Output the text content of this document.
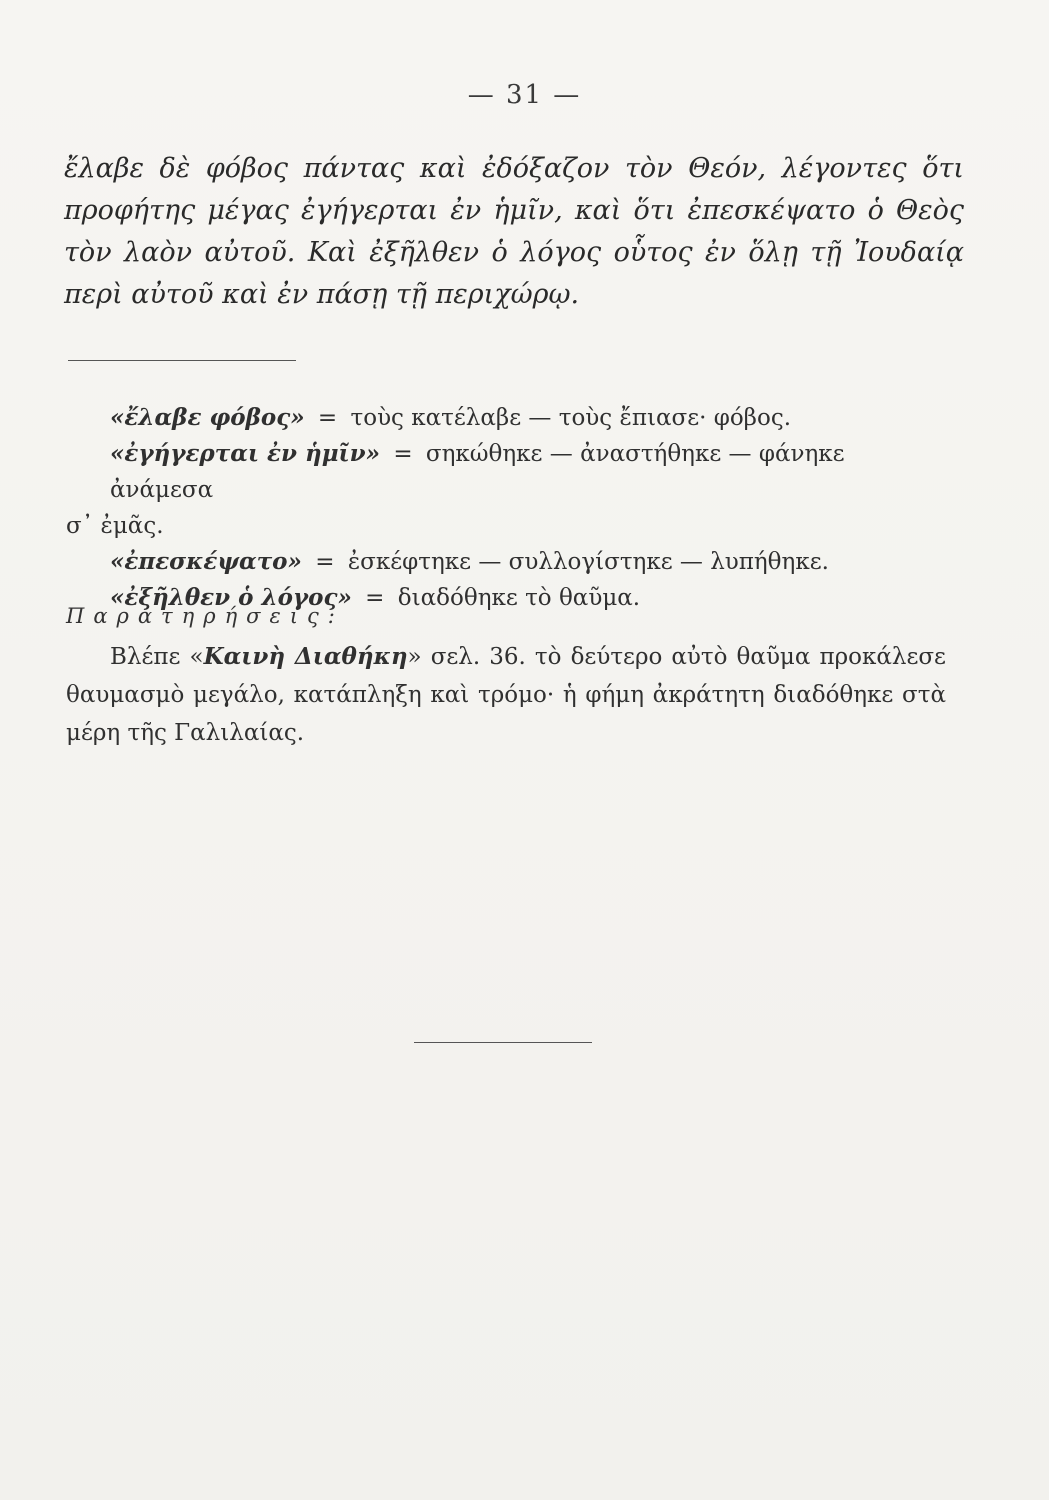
— 31 —

ἔλαβε δὲ φόβος πάντας καὶ ἐδόξαζον τὸν Θεόν, λέγοντες ὅτι προφήτης μέγας ἐγήγερται ἐν ἡμῖν, καὶ ὅτι ἐπεσκέψατο ὁ Θεὸς τὸν λαὸν αὐτοῦ. Καὶ ἐξῆλθεν ὁ λόγος οὗτος ἐν ὅλῃ τῇ Ἰουδαίᾳ περὶ αὐτοῦ καὶ ἐν πάσῃ τῇ περιχώρῳ.

«ἔλαβε φόβος» = τοὺς κατέλαβε — τοὺς ἔπιασε· φόβος.

«ἐγήγερται ἐν ἡμῖν» = σηκώθηκε — ἀναστήθηκε — φάνηκε ἀνάμεσα

σ᾽ ἐμᾶς.

«ἐπεσκέψατο» = ἐσκέφτηκε — συλλογίστηκε — λυπήθηκε.

«ἐξῆλθεν ὁ λόγος» = διαδόθηκε τὸ θαῦμα.

Παρατηρήσεις:

Βλέπε «Καινὴ Διαθήκη» σελ. 36. τὸ δεύτερο αὐτὸ θαῦμα προκάλεσε θαυμασμὸ μεγάλο, κατάπληξη καὶ τρόμο· ἡ φήμη ἀκράτητη διαδόθηκε στὰ μέρη τῆς Γαλιλαίας.
